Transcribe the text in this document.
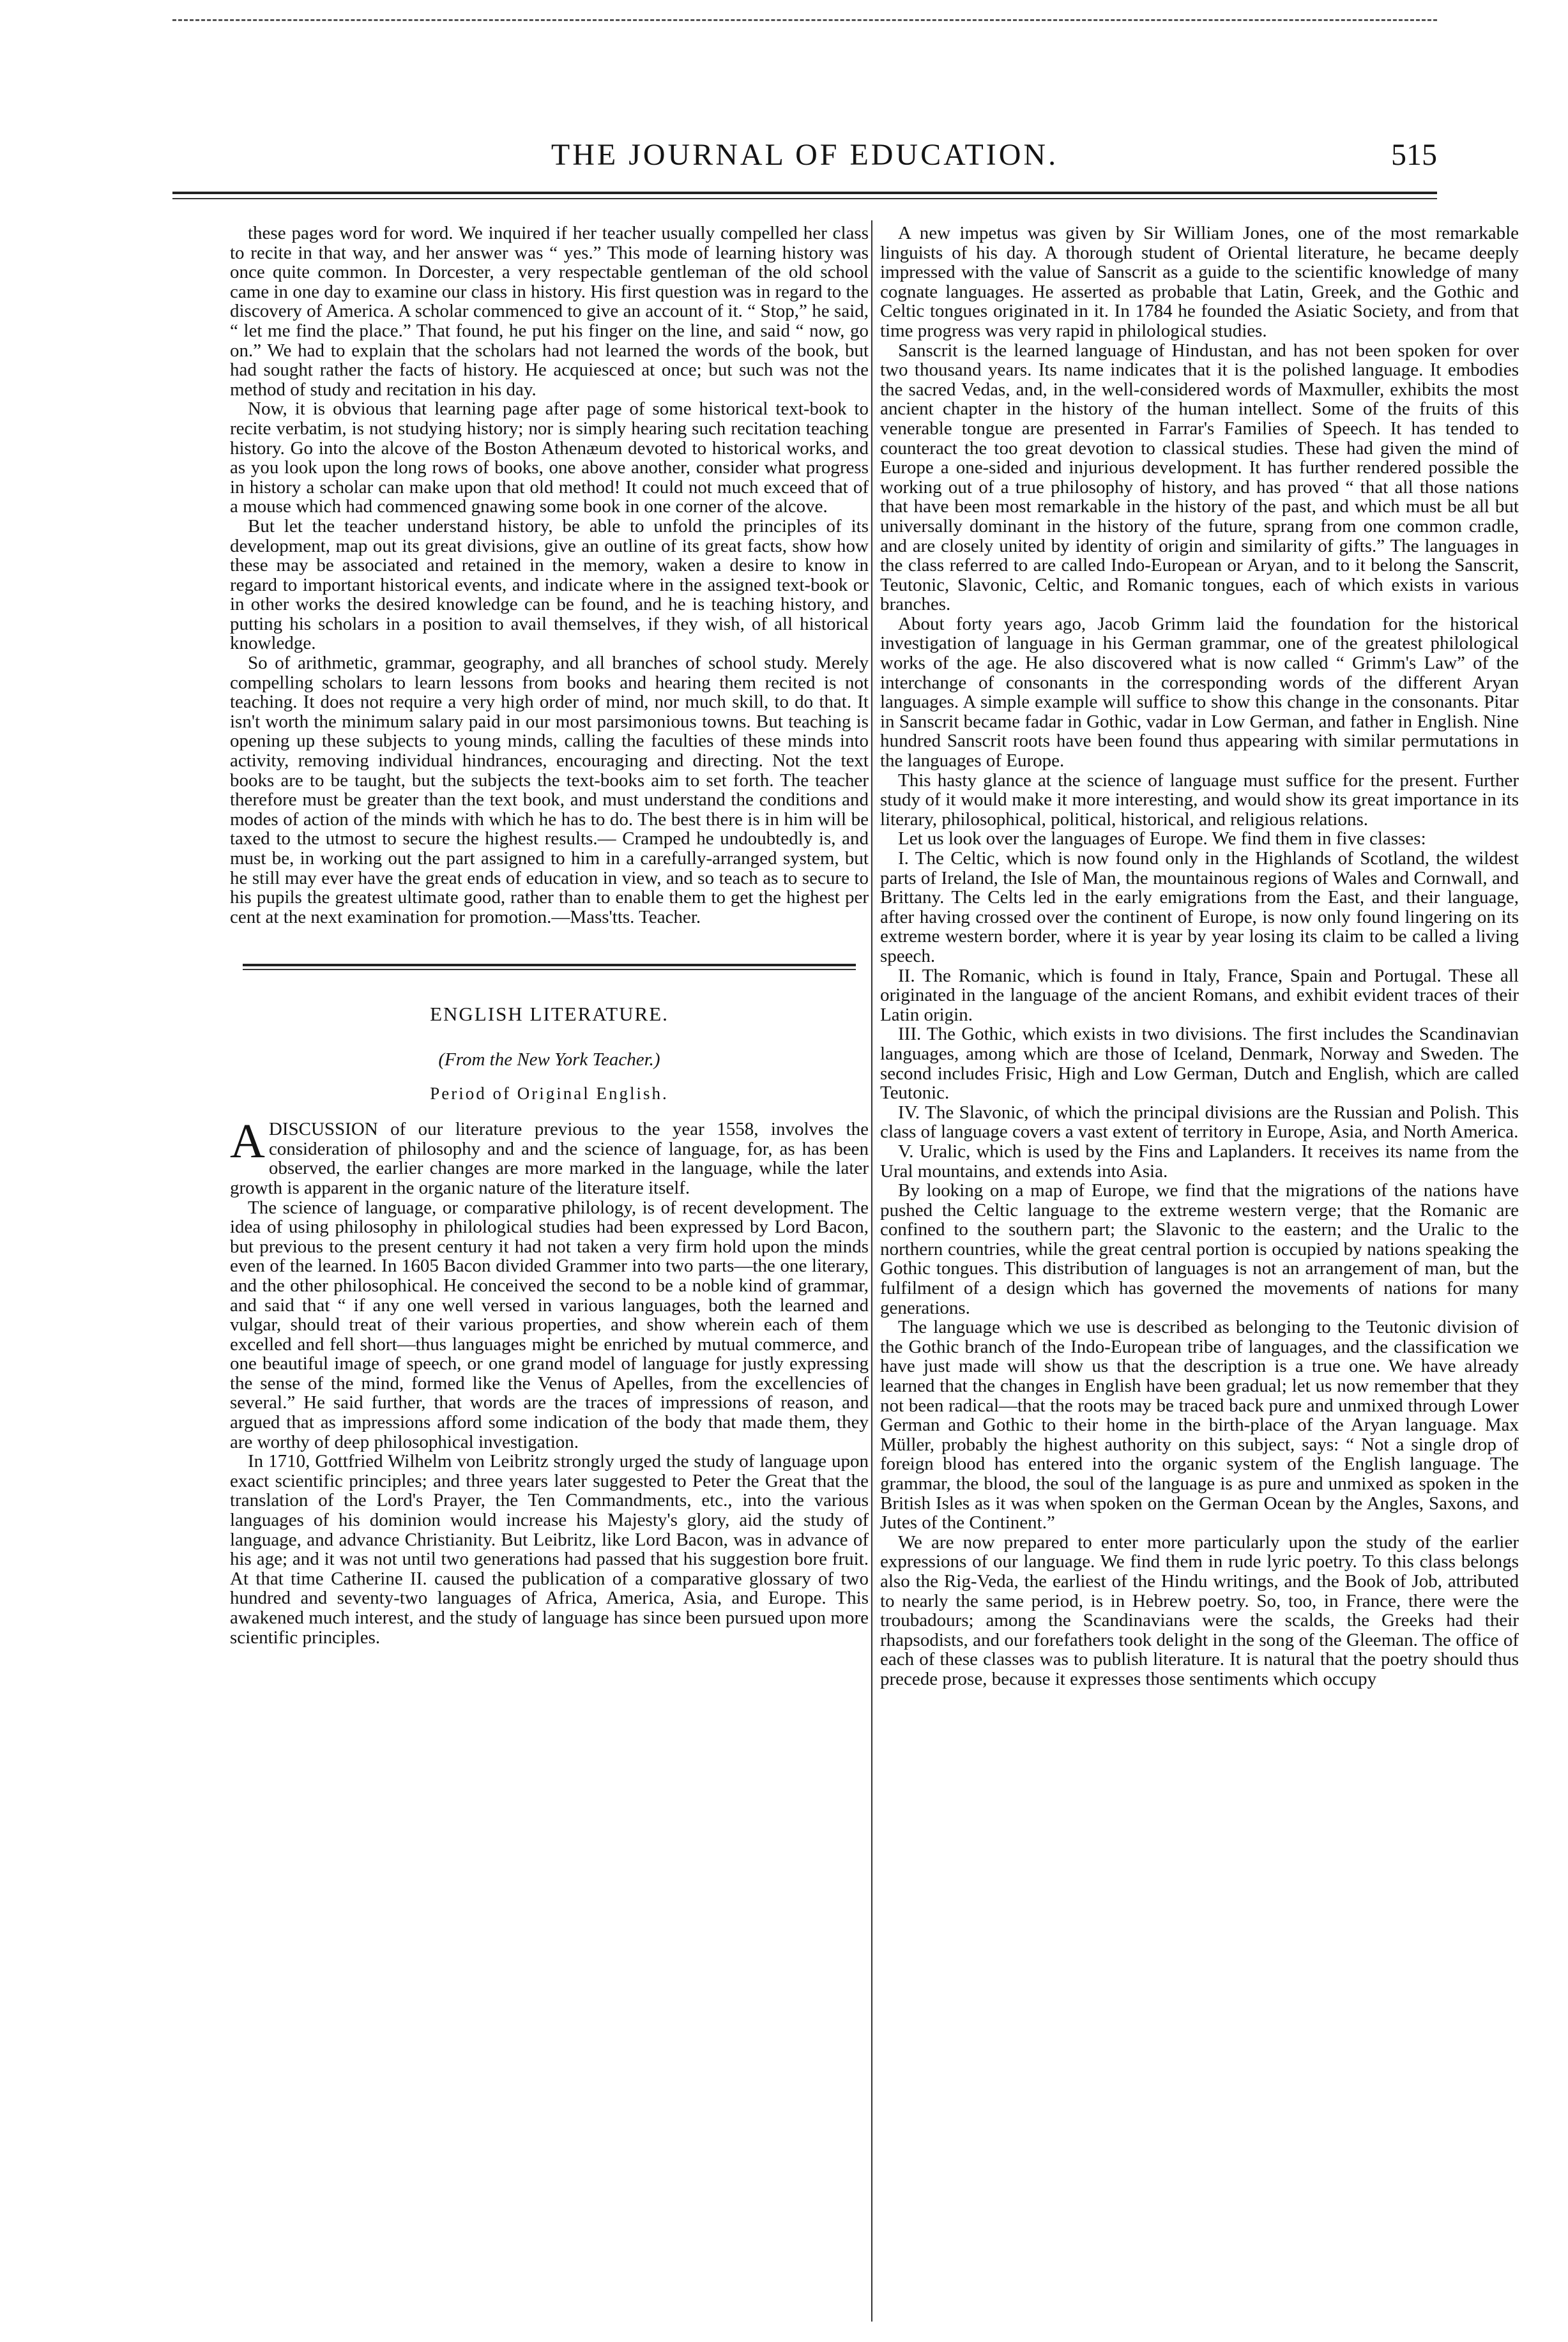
THE JOURNAL OF EDUCATION.	515

these pages word for word. We inquired if her teacher usually compelled her class to recite in that way, and her answer was “ yes.” This mode of learning history was once quite common. In Dorcester, a very respectable gentleman of the old school came in one day to examine our class in history. His first question was in regard to the discovery of America. A scholar commenced to give an account of it. “ Stop,” he said, “ let me find the place.” That found, he put his finger on the line, and said “ now, go on.” We had to explain that the scholars had not learned the words of the book, but had sought rather the facts of history. He acquiesced at once; but such was not the method of study and recitation in his day.

Now, it is obvious that learning page after page of some historical text-book to recite verbatim, is not studying history; nor is simply hearing such recitation teaching history. Go into the alcove of the Boston Athenæum devoted to historical works, and as you look upon the long rows of books, one above another, consider what progress in history a scholar can make upon that old method! It could not much exceed that of a mouse which had commenced gnawing some book in one corner of the alcove.

But let the teacher understand history, be able to unfold the principles of its development, map out its great divisions, give an outline of its great facts, show how these may be associated and retained in the memory, waken a desire to know in regard to important historical events, and indicate where in the assigned text-book or in other works the desired knowledge can be found, and he is teaching history, and putting his scholars in a position to avail themselves, if they wish, of all historical knowledge.

So of arithmetic, grammar, geography, and all branches of school study. Merely compelling scholars to learn lessons from books and hearing them recited is not teaching. It does not require a very high order of mind, nor much skill, to do that. It isn't worth the minimum salary paid in our most parsimonious towns. But teaching is opening up these subjects to young minds, calling the faculties of these minds into activity, removing individual hindrances, encouraging and directing. Not the text books are to be taught, but the subjects the text-books aim to set forth. The teacher therefore must be greater than the text book, and must understand the conditions and modes of action of the minds with which he has to do. The best there is in him will be taxed to the utmost to secure the highest results.— Cramped he undoubtedly is, and must be, in working out the part assigned to him in a carefully-arranged system, but he still may ever have the great ends of education in view, and so teach as to secure to his pupils the greatest ultimate good, rather than to enable them to get the highest per cent at the next examination for promotion.—Mass'tts. Teacher.

ENGLISH LITERATURE.
(From the New York Teacher.)
Period of Original English.

ADISCUSSION of our literature previous to the year 1558, involves the consideration of philosophy and and the science of language, for, as has been observed, the earlier changes are more marked in the language, while the later growth is apparent in the organic nature of the literature itself.

The science of language, or comparative philology, is of recent development. The idea of using philosophy in philological studies had been expressed by Lord Bacon, but previous to the present century it had not taken a very firm hold upon the minds even of the learned. In 1605 Bacon divided Grammer into two parts—the one literary, and the other philosophical. He conceived the second to be a noble kind of grammar, and said that “ if any one well versed in various languages, both the learned and vulgar, should treat of their various properties, and show wherein each of them excelled and fell short—thus languages might be enriched by mutual commerce, and one beautiful image of speech, or one grand model of language for justly expressing the sense of the mind, formed like the Venus of Apelles, from the excellencies of several.” He said further, that words are the traces of impressions of reason, and argued that as impressions afford some indication of the body that made them, they are worthy of deep philosophical investigation.

In 1710, Gottfried Wilhelm von Leibritz strongly urged the study of language upon exact scientific principles; and three years later suggested to Peter the Great that the translation of the Lord's Prayer, the Ten Commandments, etc., into the various languages of his dominion would increase his Majesty's glory, aid the study of language, and advance Christianity. But Leibritz, like Lord Bacon, was in advance of his age; and it was not until two generations had passed that his suggestion bore fruit. At that time Catherine II. caused the publication of a comparative glossary of two hundred and seventy-two languages of Africa, America, Asia, and Europe. This awakened much interest, and the study of language has since been pursued upon more scientific principles.

A new impetus was given by Sir William Jones, one of the most remarkable linguists of his day. A thorough student of Oriental literature, he became deeply impressed with the value of Sanscrit as a guide to the scientific knowledge of many cognate languages. He asserted as probable that Latin, Greek, and the Gothic and Celtic tongues originated in it. In 1784 he founded the Asiatic Society, and from that time progress was very rapid in philological studies.

Sanscrit is the learned language of Hindustan, and has not been spoken for over two thousand years. Its name indicates that it is the polished language. It embodies the sacred Vedas, and, in the well-considered words of Maxmuller, exhibits the most ancient chapter in the history of the human intellect. Some of the fruits of this venerable tongue are presented in Farrar's Families of Speech. It has tended to counteract the too great devotion to classical studies. These had given the mind of Europe a one-sided and injurious development. It has further rendered possible the working out of a true philosophy of history, and has proved “ that all those nations that have been most remarkable in the history of the past, and which must be all but universally dominant in the history of the future, sprang from one common cradle, and are closely united by identity of origin and similarity of gifts.” The languages in the class referred to are called Indo-European or Aryan, and to it belong the Sanscrit, Teutonic, Slavonic, Celtic, and Romanic tongues, each of which exists in various branches.

About forty years ago, Jacob Grimm laid the foundation for the historical investigation of language in his German grammar, one of the greatest philological works of the age. He also discovered what is now called “ Grimm's Law” of the interchange of consonants in the corresponding words of the different Aryan languages. A simple example will suffice to show this change in the consonants. Pitar in Sanscrit became fadar in Gothic, vadar in Low German, and father in English. Nine hundred Sanscrit roots have been found thus appearing with similar permutations in the languages of Europe.

This hasty glance at the science of language must suffice for the present. Further study of it would make it more interesting, and would show its great importance in its literary, philosophical, political, historical, and religious relations.

Let us look over the languages of Europe. We find them in five classes:

I. The Celtic, which is now found only in the Highlands of Scotland, the wildest parts of Ireland, the Isle of Man, the mountainous regions of Wales and Cornwall, and Brittany. The Celts led in the early emigrations from the East, and their language, after having crossed over the continent of Europe, is now only found lingering on its extreme western border, where it is year by year losing its claim to be called a living speech.

II. The Romanic, which is found in Italy, France, Spain and Portugal. These all originated in the language of the ancient Romans, and exhibit evident traces of their Latin origin.

III. The Gothic, which exists in two divisions. The first includes the Scandinavian languages, among which are those of Iceland, Denmark, Norway and Sweden. The second includes Frisic, High and Low German, Dutch and English, which are called Teutonic.

IV. The Slavonic, of which the principal divisions are the Russian and Polish. This class of language covers a vast extent of territory in Europe, Asia, and North America.

V. Uralic, which is used by the Fins and Laplanders. It receives its name from the Ural mountains, and extends into Asia.

By looking on a map of Europe, we find that the migrations of the nations have pushed the Celtic language to the extreme western verge; that the Romanic are confined to the southern part; the Slavonic to the eastern; and the Uralic to the northern countries, while the great central portion is occupied by nations speaking the Gothic tongues. This distribution of languages is not an arrangement of man, but the fulfilment of a design which has governed the movements of nations for many generations.

The language which we use is described as belonging to the Teutonic division of the Gothic branch of the Indo-European tribe of languages, and the classification we have just made will show us that the description is a true one. We have already learned that the changes in English have been gradual; let us now remember that they not been radical—that the roots may be traced back pure and unmixed through Lower German and Gothic to their home in the birth-place of the Aryan language. Max Müller, probably the highest authority on this subject, says: “ Not a single drop of foreign blood has entered into the organic system of the English language. The grammar, the blood, the soul of the language is as pure and unmixed as spoken in the British Isles as it was when spoken on the German Ocean by the Angles, Saxons, and Jutes of the Continent.”

We are now prepared to enter more particularly upon the study of the earlier expressions of our language. We find them in rude lyric poetry. To this class belongs also the Rig-Veda, the earliest of the Hindu writings, and the Book of Job, attributed to nearly the same period, is in Hebrew poetry. So, too, in France, there were the troubadours; among the Scandinavians were the scalds, the Greeks had their rhapsodists, and our forefathers took delight in the song of the Gleeman. The office of each of these classes was to publish literature. It is natural that the poetry should thus precede prose, because it expresses those sentiments which occupy
